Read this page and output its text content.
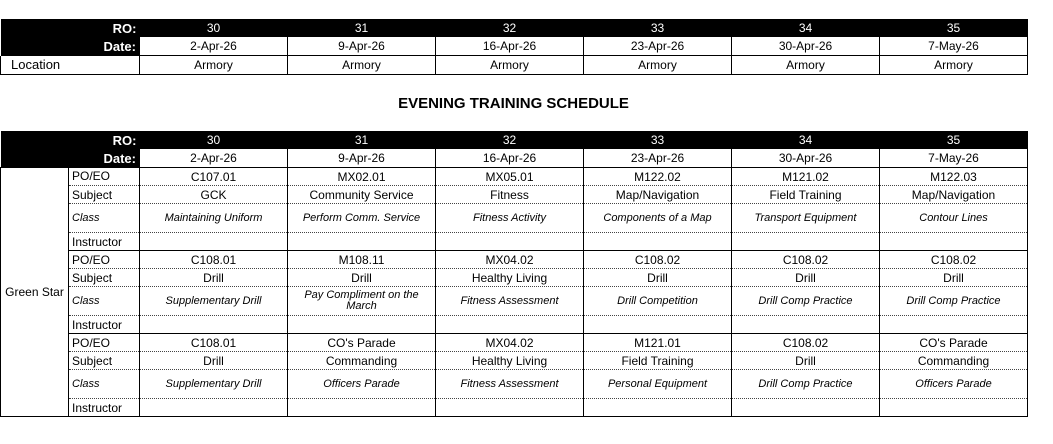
	RO:	30	31	32	33	34	35
	Date:	2-Apr-26	9-Apr-26	16-Apr-26	23-Apr-26	30-Apr-26	7-May-26
Location		Armory	Armory	Armory	Armory	Armory	Armory
EVENING TRAINING SCHEDULE
	RO:	30	31	32	33	34	35
	Date:	2-Apr-26	9-Apr-26	16-Apr-26	23-Apr-26	30-Apr-26	7-May-26
Green Star	PO/EO	C107.01	MX02.01	MX05.01	M122.02	M121.02	M122.03
	Subject	GCK	Community Service	Fitness	Map/Navigation	Field Training	Map/Navigation
	Class	Maintaining Uniform	Perform Comm. Service	Fitness Activity	Components of a Map	Transport Equipment	Contour Lines
	Instructor						
	PO/EO	C108.01	M108.11	MX04.02	C108.02	C108.02	C108.02
	Subject	Drill	Drill	Healthy Living	Drill	Drill	Drill
	Class	Supplementary Drill	Pay Compliment on the March	Fitness Assessment	Drill Competition	Drill Comp Practice	Drill Comp Practice
	Instructor						
	PO/EO	C108.01	CO's Parade	MX04.02	M121.01	C108.02	CO's Parade
	Subject	Drill	Commanding	Healthy Living	Field Training	Drill	Commanding
	Class	Supplementary Drill	Officers Parade	Fitness Assessment	Personal Equipment	Drill Comp Practice	Officers Parade
	Instructor						
